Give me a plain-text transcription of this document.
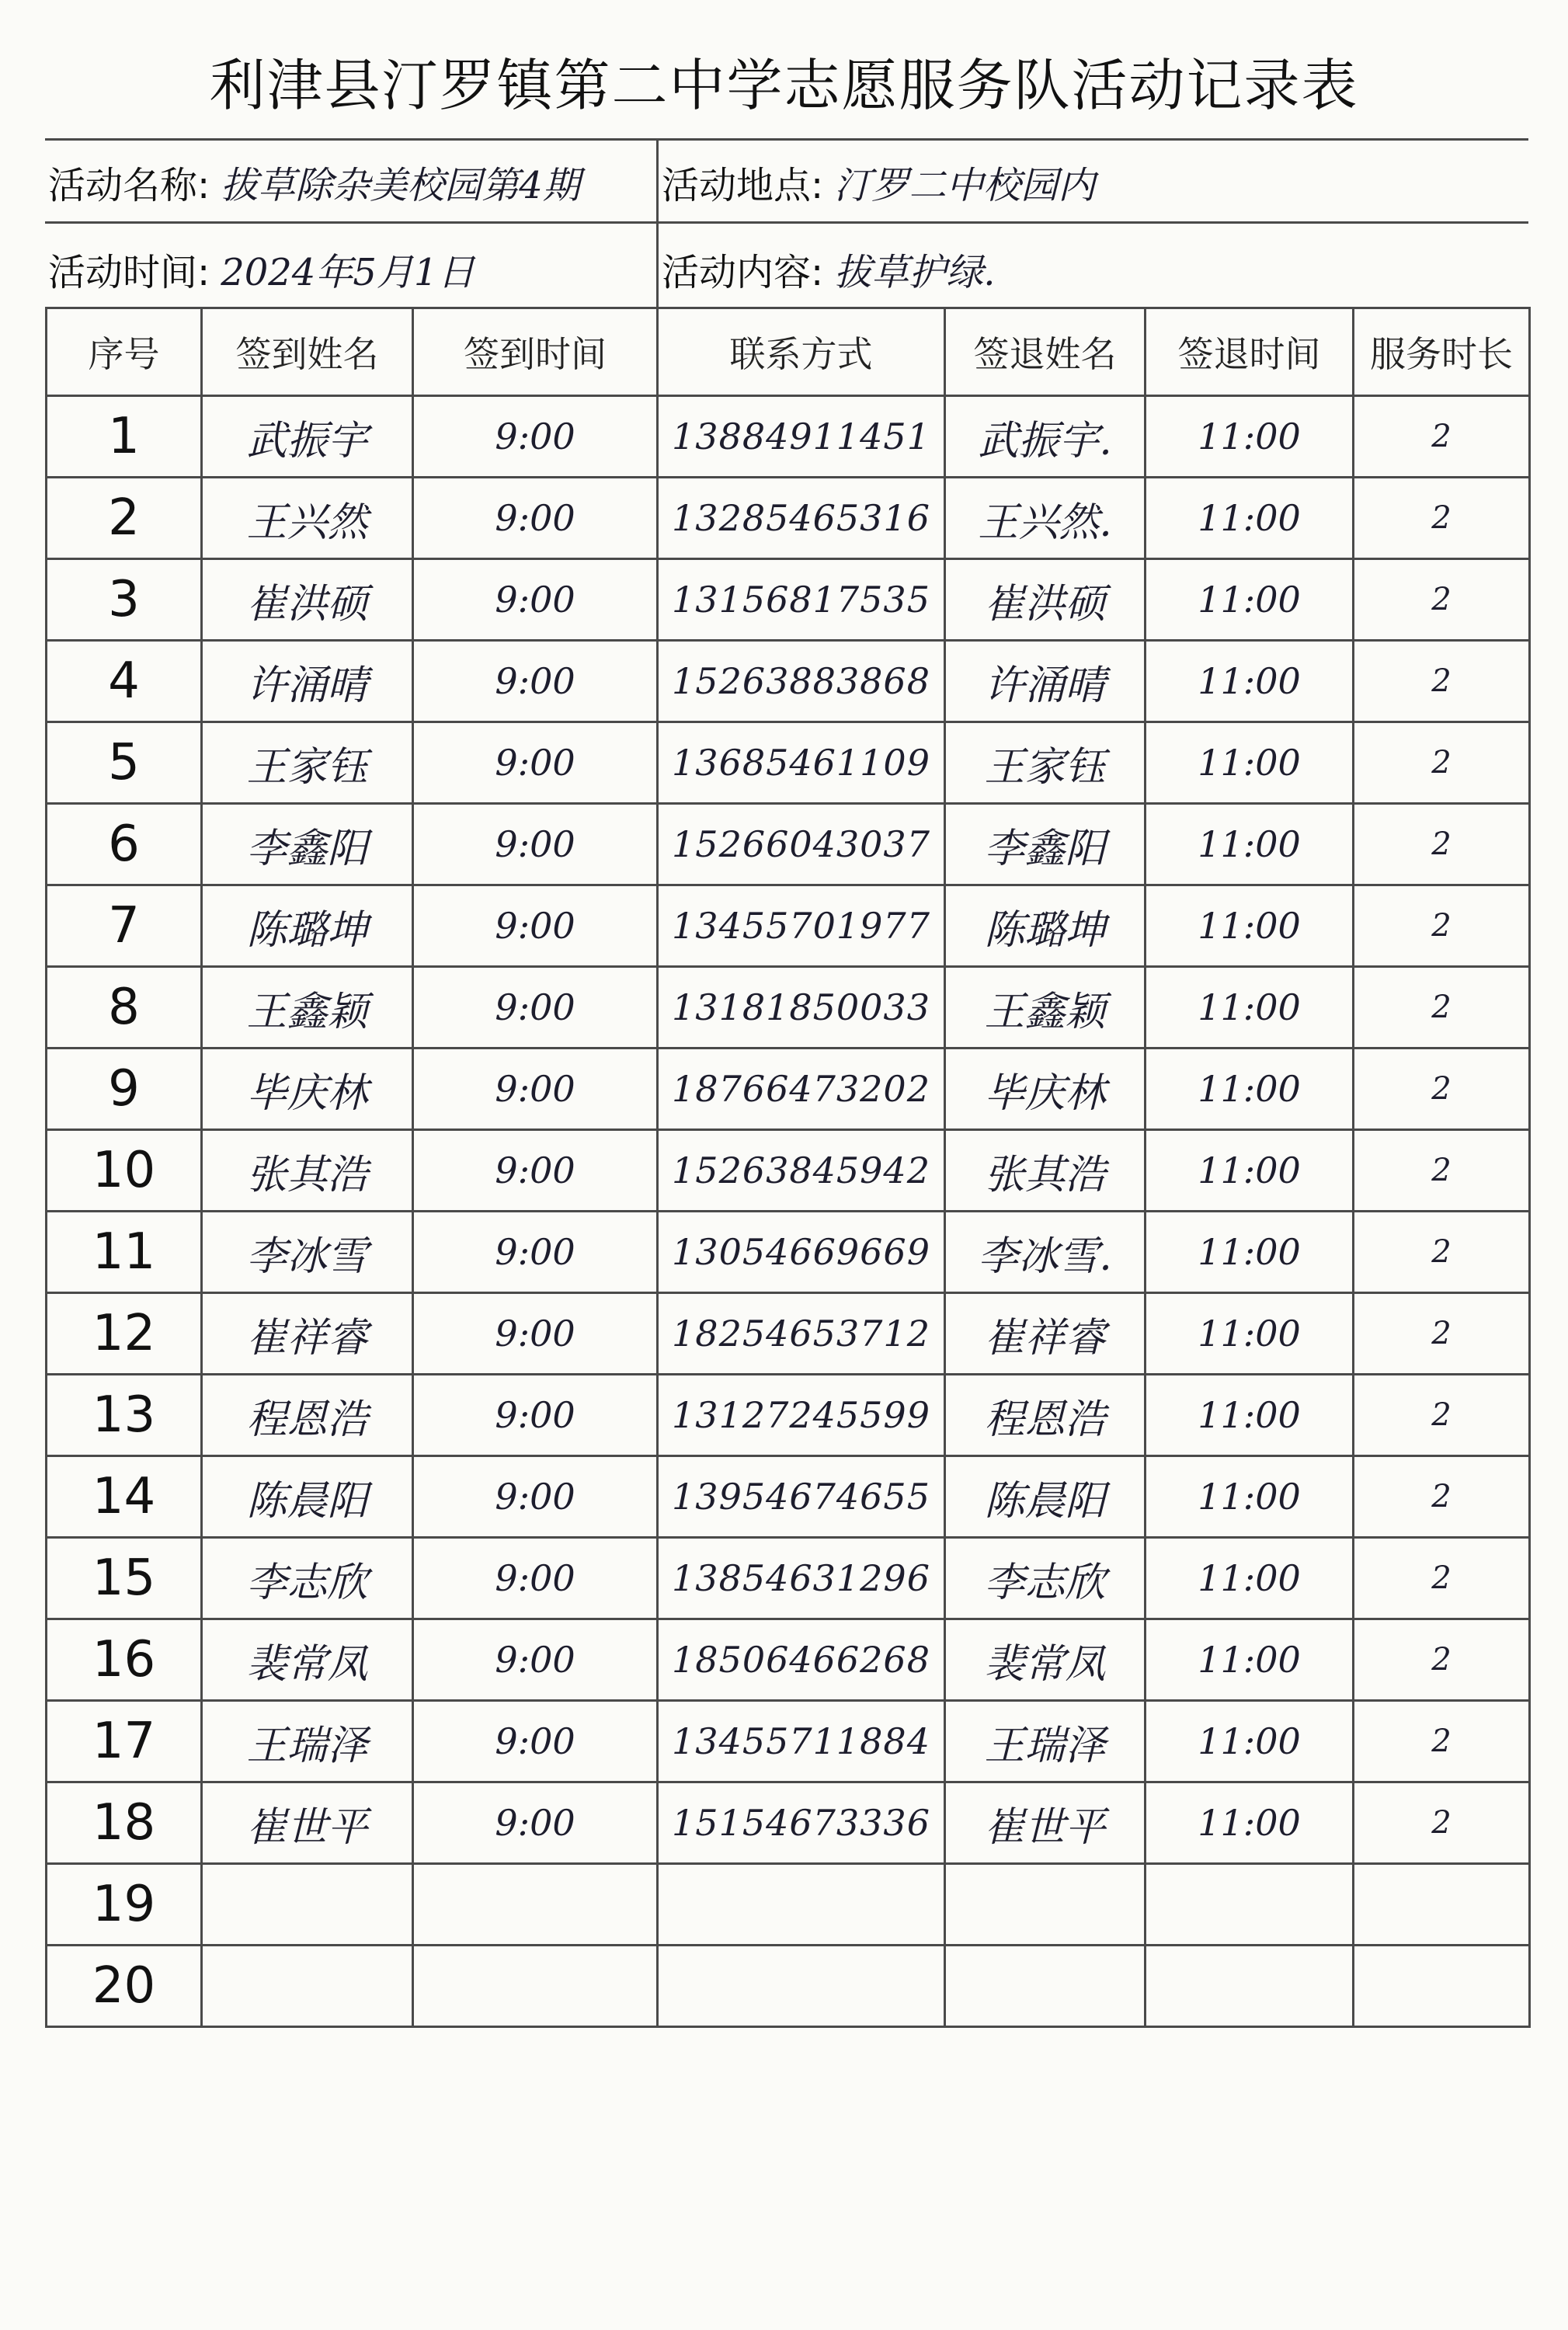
利津县汀罗镇第二中学志愿服务队活动记录表
活动名称: 拔草除杂美校园第4期 活动地点: 汀罗二中校园内
活动时间: 2024年5月1日	活动内容: 拔草护绿.
序号	签到姓名	签到时间	联系方式	签退姓名	签退时间	服务时长
1	武振宇	9:00	13884911451	武振宇.	11:00	2
2	王兴然	9:00	13285465316	王兴然.	11:00	2
3	崔洪硕	9:00	13156817535	崔洪硕	11:00	2
4	许涌晴	9:00	15263883868	许涌晴	11:00	2
5	王家钰	9:00	13685461109	王家钰	11:00	2
6	李鑫阳	9:00	15266043037	李鑫阳	11:00	2
7	陈璐坤	9:00	13455701977	陈璐坤	11:00	2
8	王鑫颖	9:00	13181850033	王鑫颖	11:00	2
9	毕庆林	9:00	18766473202	毕庆林	11:00	2
10	张其浩	9:00	15263845942	张其浩	11:00	2
11	李冰雪	9:00	13054669669	李冰雪.	11:00	2
12	崔祥睿	9:00	18254653712	崔祥睿	11:00	2
13	程恩浩	9:00	13127245599	程恩浩	11:00	2
14	陈晨阳	9:00	13954674655	陈晨阳	11:00	2
15	李志欣	9:00	13854631296	李志欣	11:00	2
16	裴常凤	9:00	18506466268	裴常凤	11:00	2
17	王瑞泽	9:00	13455711884	王瑞泽	11:00	2
18	崔世平	9:00	15154673336	崔世平	11:00	2
19						
20						
